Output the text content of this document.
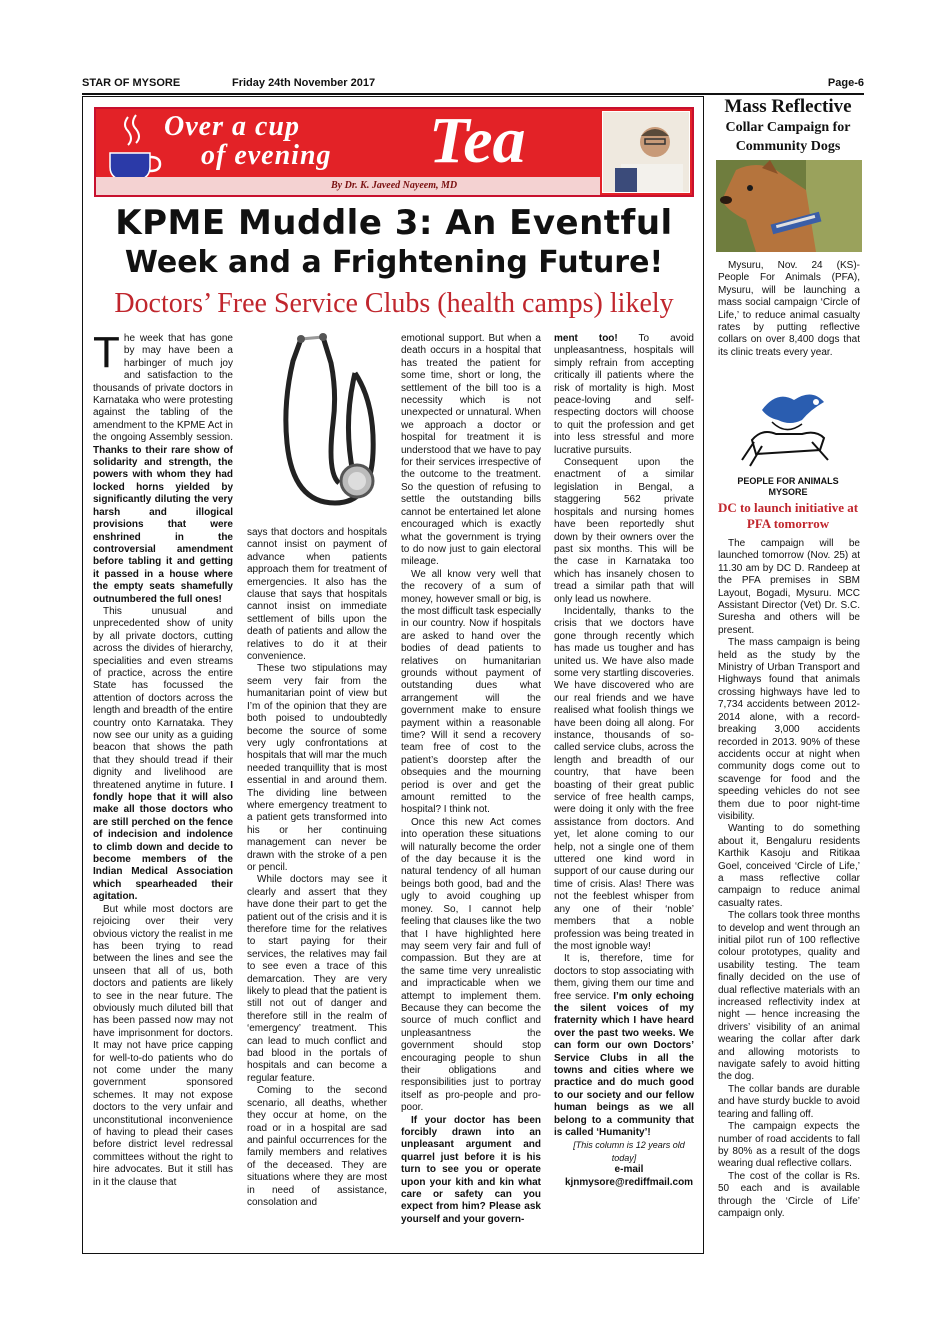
STAR OF MYSORE	Friday 24th November 2017	Page-6
Over a cup
of evening Tea
By Dr. K. Javeed Nayeem, MD
KPME Muddle 3: An Eventful
Week and a Frightening Future!
Doctors’ Free Service Clubs (health camps) likely

The week that has gone by may have been a harbinger of much joy and satisfaction to the thousands of private doctors in Karnataka who were protesting against the tabling of the amendment to the KPME Act in the ongoing Assembly session. Thanks to their rare show of solidarity and strength, the powers with whom they had locked horns yielded by significantly diluting the very harsh and illogical provisions that were enshrined in the controversial amendment before tabling it and getting it passed in a house where the empty seats shamefully outnumbered the full ones!

This unusual and unprecedented show of unity by all private doctors, cutting across the divides of hierarchy, specialities and even streams of practice, across the entire State has focussed the attention of doctors across the length and breadth of the entire country onto Karnataka. They now see our unity as a guiding beacon that shows the path that they should tread if their dignity and livelihood are threatened anytime in future. I fondly hope that it will also make all those doctors who are still perched on the fence of indecision and indolence to climb down and decide to become members of the Indian Medical Association which spearheaded their agitation.

But while most doctors are rejoicing over their very obvious victory the realist in me has been trying to read between the lines and see the unseen that all of us, both doctors and patients are likely to see in the near future. The obviously much diluted bill that has been passed now may not have imprisonment for doctors. It may not have price capping for well-to-do patients who do not come under the many government sponsored schemes. It may not expose doctors to the very unfair and unconstitutional inconvenience of having to plead their cases before district level redressal committees without the right to hire advocates. But it still has in it the clause that

says that doctors and hospitals cannot insist on payment of advance when patients approach them for treatment of emergencies. It also has the clause that says that hospitals cannot insist on immediate settlement of bills upon the death of patients and allow the relatives to do it at their convenience.

These two stipulations may seem very fair from the humanitarian point of view but I’m of the opinion that they are both poised to undoubtedly become the source of some very ugly confrontations at hospitals that will mar the much needed tranquillity that is most essential in and around them. The dividing line between where emergency treatment to a patient gets transformed into his or her continuing management can never be drawn with the stroke of a pen or pencil.

While doctors may see it clearly and assert that they have done their part to get the patient out of the crisis and it is therefore time for the relatives to start paying for their services, the relatives may fail to see even a trace of this demarcation. They are very likely to plead that the patient is still not out of danger and therefore still in the realm of ‘emergency’ treatment. This can lead to much conflict and bad blood in the portals of hospitals and can become a regular feature.

Coming to the second scenario, all deaths, whether they occur at home, on the road or in a hospital are sad and painful occurrences for the family members and relatives of the deceased. They are situations where they are most in need of assistance, consolation and

emotional support. But when a death occurs in a hospital that has treated the patient for some time, short or long, the settlement of the bill too is a necessity which is not unexpected or unnatural. When we approach a doctor or hospital for treatment it is understood that we have to pay for their services irrespective of the outcome to the treatment. So the question of refusing to settle the outstanding bills cannot be entertained let alone encouraged which is exactly what the government is trying to do now just to gain electoral mileage.

We all know very well that the recovery of a sum of money, however small or big, is the most difficult task especially in our country. Now if hospitals are asked to hand over the bodies of dead patients to relatives on humanitarian grounds without payment of outstanding dues what arrangement will the government make to ensure payment within a reasonable time? Will it send a recovery team free of cost to the patient’s doorstep after the obsequies and the mourning period is over and get the amount remitted to the hospital? I think not.

Once this new Act comes into operation these situations will naturally become the order of the day because it is the natural tendency of all human beings both good, bad and the ugly to avoid coughing up money. So, I cannot help feeling that clauses like the two that I have highlighted here may seem very fair and full of compassion. But they are at the same time very unrealistic and impracticable when we attempt to implement them. Because they can become the source of much conflict and unpleasantness the government should stop encouraging people to shun their obligations and responsibilities just to portray itself as pro-people and pro-poor.

If your doctor has been forcibly drawn into an unpleasant argument and quarrel just before it is his turn to see you or operate upon your kith and kin what care or safety can you expect from him? Please ask yourself and your govern-

ment too! To avoid unpleasantness, hospitals will simply refrain from accepting critically ill patients where the risk of mortality is high. Most peace-loving and self-respecting doctors will choose to quit the profession and get into less stressful and more lucrative pursuits.

Consequent upon the enactment of a similar legislation in Bengal, a staggering 562 private hospitals and nursing homes have been reportedly shut down by their owners over the past six months. This will be the case in Karnataka too which has insanely chosen to tread a similar path that will only lead us nowhere.

Incidentally, thanks to the crisis that we doctors have gone through recently which has made us tougher and has united us. We have also made some very startling discoveries. We have discovered who are our real friends and we have realised what foolish things we have been doing all along. For instance, thousands of so-called service clubs, across the length and breadth of our country, that have been boasting of their great public service of free health camps, were doing it only with the free assistance from doctors. And yet, let alone coming to our help, not a single one of them uttered one kind word in support of our cause during our time of crisis. Alas! There was not the feeblest whisper from any one of their ‘noble’ members that a noble profession was being treated in the most ignoble way!

It is, therefore, time for doctors to stop associating with them, giving them our time and free service. I’m only echoing the silent voices of my fraternity which I have heard over the past two weeks. We can form our own Doctors’ Service Clubs in all the towns and cities where we practice and do much good to our society and our fellow human beings as we all belong to a community that is called ‘Humanity’!

[This column is 12 years old today]

e-mail

kjnmysore@rediffmail.com

Mass Reflective
Collar Campaign for Community Dogs

Mysuru, Nov. 24 (KS)- People For Animals (PFA), Mysuru, will be launching a mass social campaign ‘Circle of Life,’ to reduce animal casualty rates by putting reflective collars on over 8,400 dogs that its clinic treats every year.

PEOPLE FOR ANIMALS
MYSORE
DC to launch initiative at PFA tomorrow

The campaign will be launched tomorrow (Nov. 25) at 11.30 am by DC D. Randeep at the PFA premises in SBM Layout, Bogadi, Mysuru. MCC Assistant Director (Vet) Dr. S.C. Suresha and others will be present.

The mass campaign is being held as the study by the Ministry of Urban Transport and Highways found that animals crossing highways have led to 7,734 accidents between 2012-2014 alone, with a record-breaking 3,000 accidents recorded in 2013. 90% of these accidents occur at night when community dogs come out to scavenge for food and the speeding vehicles do not see them due to poor night-time visibility.

Wanting to do something about it, Bengaluru residents Karthik Kasoju and Ritikaa Goel, conceived ‘Circle of Life,’ a mass reflective collar campaign to reduce animal casualty rates.

The collars took three months to develop and went through an initial pilot run of 100 reflective colour prototypes, quality and usability testing. The team finally decided on the use of dual reflective materials with an increased reflectivity index at night — hence increasing the drivers’ visibility of an animal wearing the collar after dark and allowing motorists to navigate safely to avoid hitting the dog.

The collar bands are durable and have sturdy buckle to avoid tearing and falling off.

The campaign expects the number of road accidents to fall by 80% as a result of the dogs wearing dual reflective collars.

The cost of the collar is Rs. 50 each and is available through the ‘Circle of Life’ campaign only.
